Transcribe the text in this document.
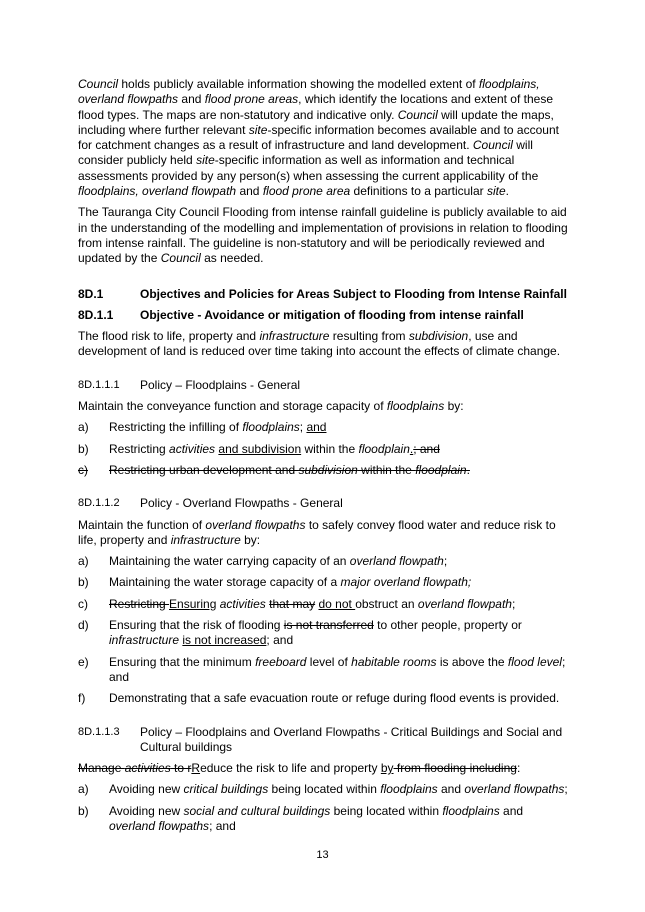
Council holds publicly available information showing the modelled extent of floodplains, overland flowpaths and flood prone areas, which identify the locations and extent of these flood types. The maps are non-statutory and indicative only. Council will update the maps, including where further relevant site-specific information becomes available and to account for catchment changes as a result of infrastructure and land development. Council will consider publicly held site-specific information as well as information and technical assessments provided by any person(s) when assessing the current applicability of the floodplains, overland flowpath and flood prone area definitions to a particular site.

The Tauranga City Council Flooding from intense rainfall guideline is publicly available to aid in the understanding of the modelling and implementation of provisions in relation to flooding from intense rainfall. The guideline is non-statutory and will be periodically reviewed and updated by the Council as needed.

8D.1	Objectives and Policies for Areas Subject to Flooding from Intense Rainfall
8D.1.1	Objective - Avoidance or mitigation of flooding from intense rainfall

The flood risk to life, property and infrastructure resulting from subdivision, use and development of land is reduced over time taking into account the effects of climate change.

8D.1.1.1	Policy – Floodplains - General

Maintain the conveyance function and storage capacity of floodplains by:

a)	Restricting the infilling of floodplains; and
b)	Restricting activities and subdivision within the floodplain.; and
c)	Restricting urban development and subdivision within the floodplain.
8D.1.1.2	Policy - Overland Flowpaths - General

Maintain the function of overland flowpaths to safely convey flood water and reduce risk to life, property and infrastructure by:

a)	Maintaining the water carrying capacity of an overland flowpath;
b)	Maintaining the water storage capacity of a major overland flowpath;
c)	Restricting Ensuring activities that may do not obstruct an overland flowpath;
d)	Ensuring that the risk of flooding is not transferred to other people, property or infrastructure is not increased; and
e)	Ensuring that the minimum freeboard level of habitable rooms is above the flood level; and
f)	Demonstrating that a safe evacuation route or refuge during flood events is provided.
8D.1.1.3	Policy – Floodplains and Overland Flowpaths - Critical Buildings and Social and Cultural buildings

Manage activities to rReduce the risk to life and property by from flooding including:

a)	Avoiding new critical buildings being located within floodplains and overland flowpaths;
b)	Avoiding new social and cultural buildings being located within floodplains and overland flowpaths; and
13
